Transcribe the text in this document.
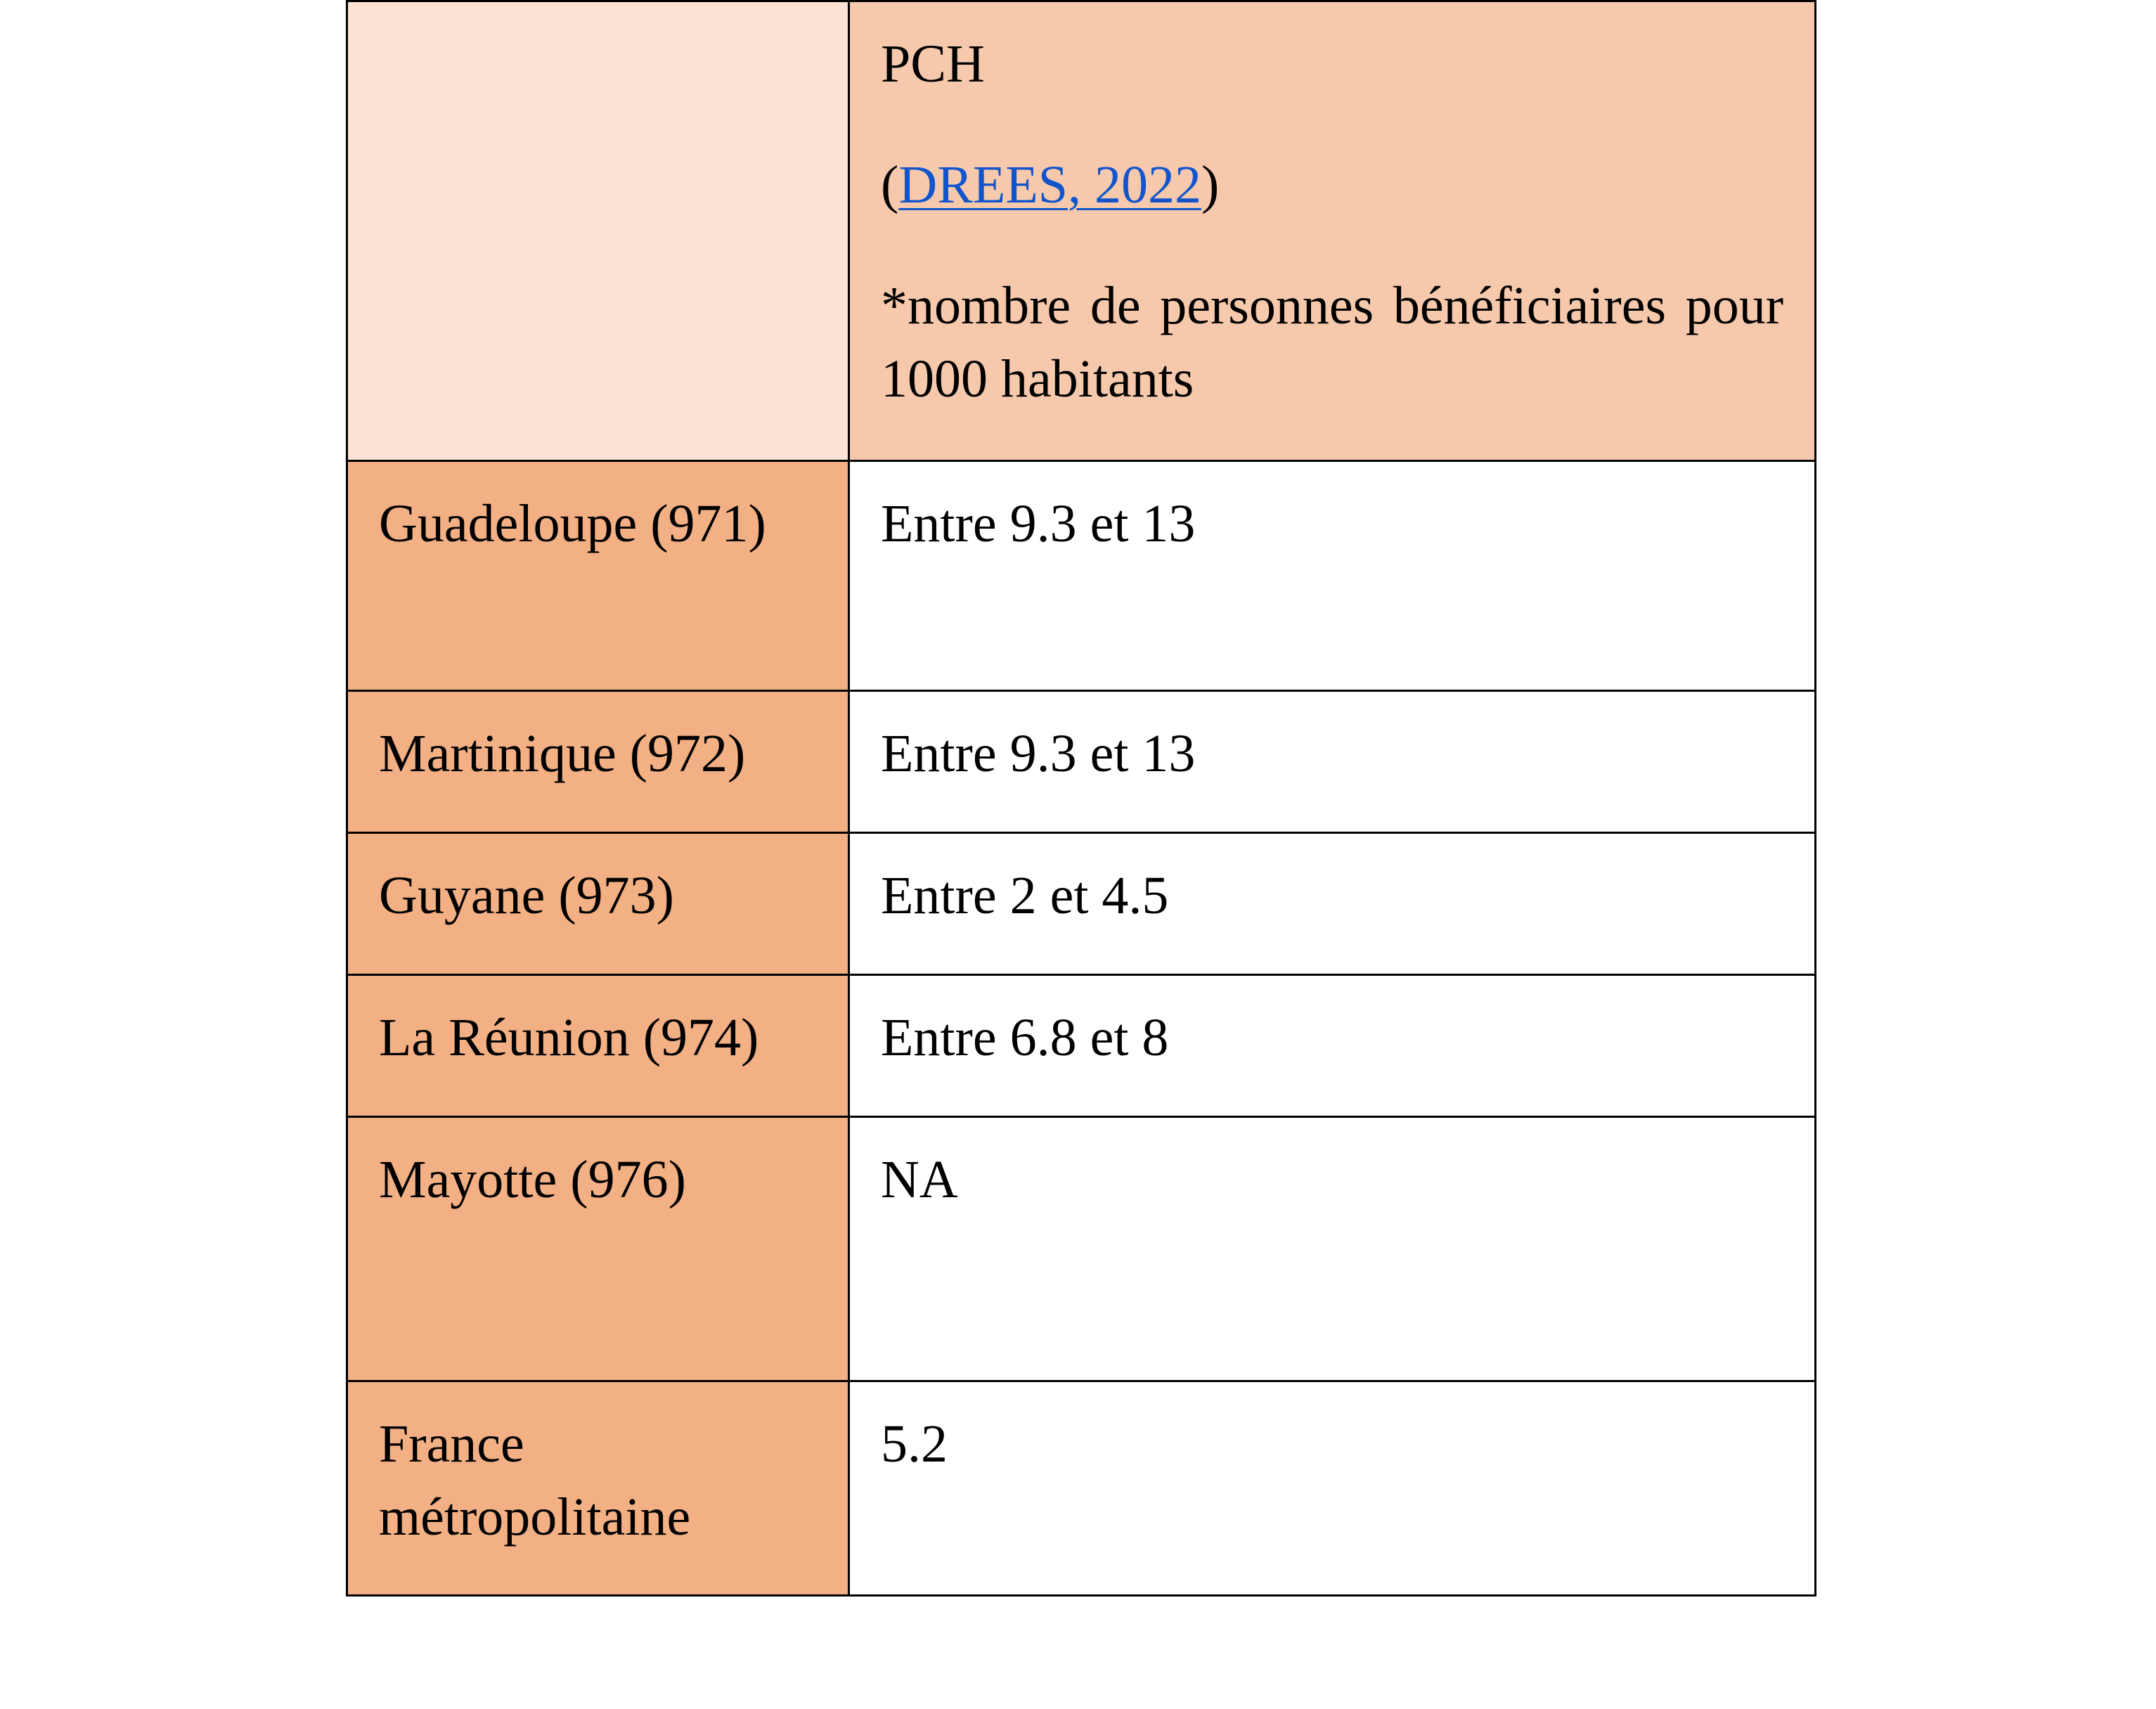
	PCH

(DREES, 2022)

*nombre de personnes bénéficiaires pour 1000 habitants

Guadeloupe (971)	Entre 9.3 et 13
Martinique (972)	Entre 9.3 et 13
Guyane (973)	Entre 2 et 4.5
La Réunion (974)	Entre 6.8 et 8
Mayotte (976)	NA
France métropolitaine	5.2
